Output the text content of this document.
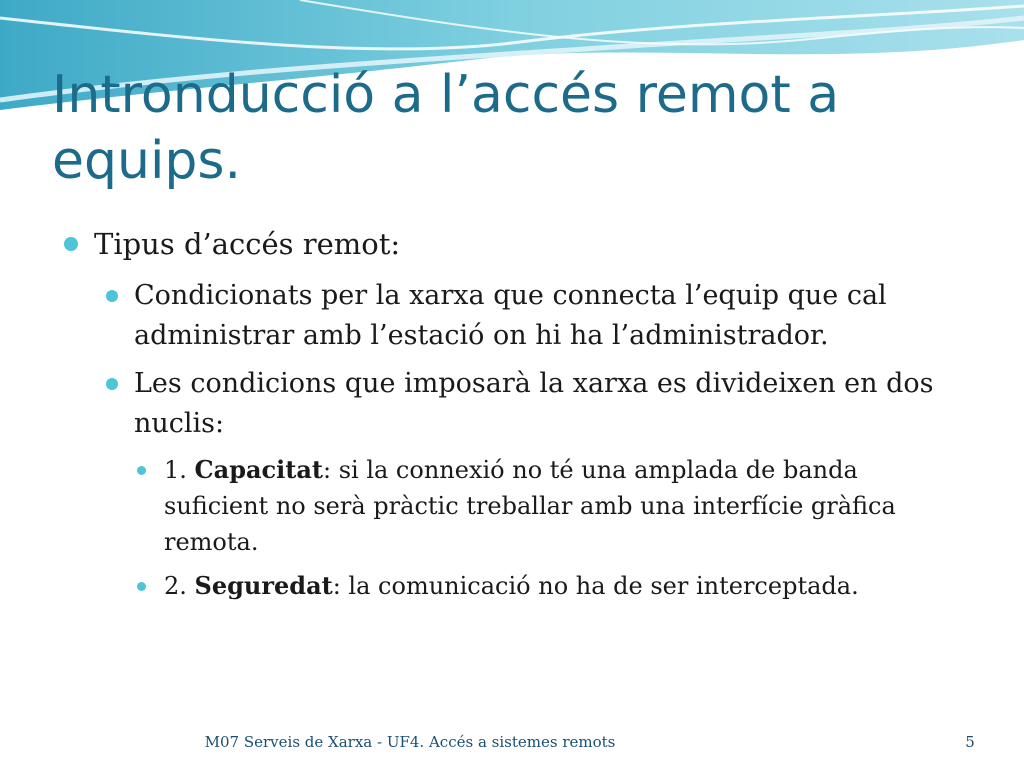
Intronducció a l’accés remot a equips.
Tipus d’accés remot:
Condicionats per la xarxa que connecta l’equip que cal administrar amb l’estació on hi ha l’administrador.
Les condicions que imposarà la xarxa es divideixen en dos nuclis:
1. Capacitat: si la connexió no té una amplada de banda suficient no serà pràctic treballar amb una interfície gràfica remota.
2. Seguredat: la comunicació no ha de ser interceptada.
M07 Serveis de Xarxa - UF4. Accés a sistemes remots	5
